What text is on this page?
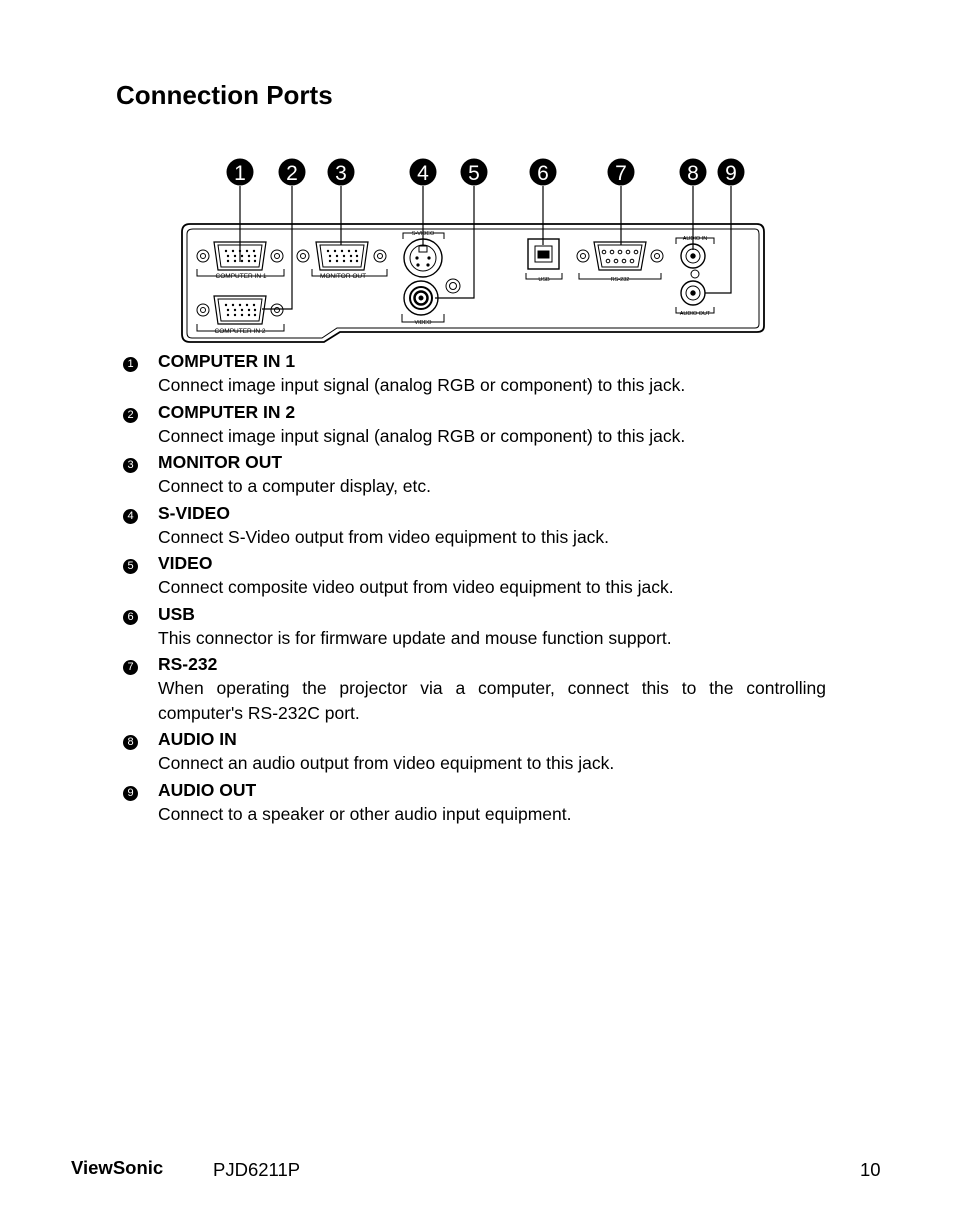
Connection Ports
1 2 3	4 5	6	7	8 9
COMPUTER IN 1
COMPUTER IN 2
MONITOR OUT
S-VIDEO
VIDEO
USB	RS-232
AUDIO IN
AUDIO OUT
1 COMPUTER IN 1
Connect image input signal (analog RGB or component) to this jack.
2 COMPUTER IN 2
Connect image input signal (analog RGB or component) to this jack.
3 MONITOR OUT
Connect to a computer display, etc.
4 S-VIDEO
Connect S-Video output from video equipment to this jack.
5 VIDEO
Connect composite video output from video equipment to this jack.
6 USB
This connector is for firmware update and mouse function support.
7 RS-232
When operating the projector via a computer, connect this to the controlling computer's RS-232C port.
8 AUDIO IN
Connect an audio output from video equipment to this jack.
9 AUDIO OUT
Connect to a speaker or other audio input equipment.
ViewSonic	PJD6211P	10
